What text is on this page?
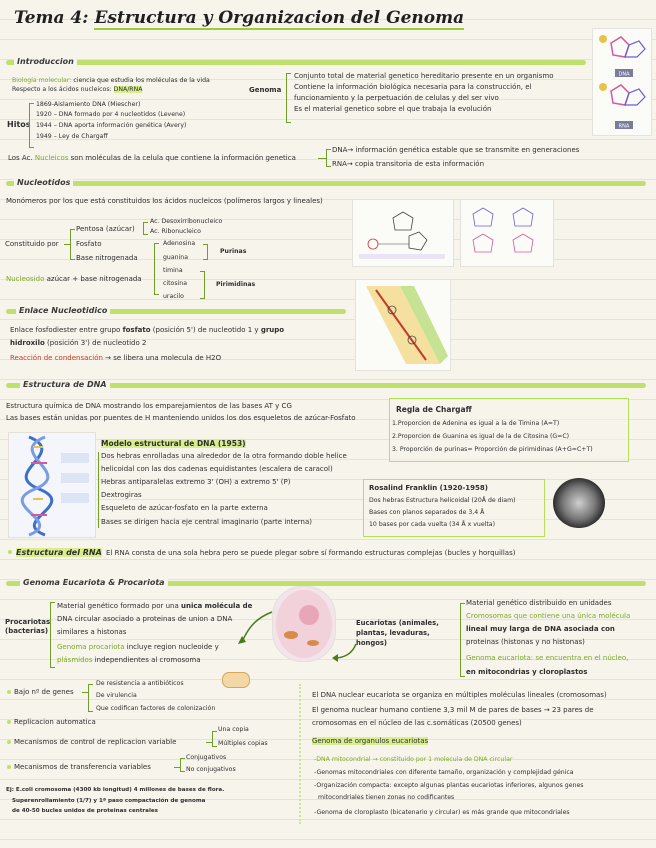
Tema 4: Estructura y Organizacion del Genoma
Introduccion
Biología molecular: ciencia que estudia los moléculas de la vida
Respecto a los ácidos nucleicos: DNA/RNA
Hitos
1869-Aislamiento DNA (Miescher)
1920 – DNA formado por 4 nucleotidos (Levene)
1944 – DNA aporta información genética (Avery)
1949 – Ley de Chargaff
Genoma
Conjunto total de material genetico hereditario presente en un organismo
Contiene la información biológica necesaria para la construcción, el
funcionamiento y la perpetuación de celulas y del ser vivo
Es el material genetico sobre el que trabaja la evolución
DNA
RNA
Los Ac. Nucleicos son moléculas de la celula que contiene la información genetica
DNA→ información genética estable que se transmite en generaciones
RNA→ copia transitoria de esta información
Nucleotidos
Monómeros por los que está constituidos los ácidos nucleicos (polímeros largos y lineales)
Constituido por
Pentosa (azúcar)
Fosfato
Base nitrogenada
Ac. Desoxirribonucleico
Ac. Ribonucleico
Adenosina
guanina
Purinas
timina
citosina
uracilo
Pirimidinas
Nucleosido azúcar + base nitrogenada
Enlace Nucleotidico
Enlace fosfodiester entre grupo fosfato (posición 5') de nucleotido 1 y grupo
hidroxilo (posición 3') de nucleotido 2
Reacción de condensación → se libera una molecula de H2O
Estructura de DNA
Estructura química de DNA mostrando los emparejamientos de las bases AT y CG
Las bases están unidas por puentes de H manteniendo unidos los dos esqueletos de azúcar-Fosfato
Regla de Chargaff
1.Proporcion de Adenina es igual a la de Timina (A=T)
2.Proporcion de Guanina es igual de la de Citosina (G=C)
3. Proporción de purinas= Proporción de pirimidinas (A+G=C+T)
Modelo estructural de DNA (1953)
Dos hebras enrolladas una alrededor de la otra formando doble helice
helicoidal con las dos cadenas equidistantes (escalera de caracol)
Hebras antiparalelas extremo 3' (OH) a extremo 5' (P)
Dextrogiras
Esqueleto de azúcar-fosfato en la parte externa
Bases se dirigen hacia eje central imaginario (parte interna)
Rosalind Franklin (1920-1958)
Dos hebras Estructura helicoidal (20Å de diam)
Bases con planos separados de 3,4 Å
10 bases por cada vuelta (34 Å x vuelta)
Estructura del RNA El RNA consta de una sola hebra pero se puede plegar sobre sí formando estructuras complejas (bucles y horquillas)
Genoma Eucariota & Procariota
Procariotas (bacterias)
Material genético formado por una unica molécula de
DNA circular asociado a proteinas de union a DNA
similares a histonas
Genoma procariota incluye region nucleoide y
plásmidos independientes al cromosoma
Eucariotas (animales, plantas, levaduras, hongos)
Material genético distribuido en unidades
Cromosomas que contiene una única molécula
lineal muy larga de DNA asociada con
proteinas (histonas y no histonas)
Genoma eucariota: se encuentra en el núcleo,
en mitocondrias y cloroplastos
Bajo nº de genes
De resistencia a antibióticos
De virulencia
Que codifican factores de colonización
Replicacion automatica
Mecanismos de control de replicacion variable
Una copia
Múltiples copias
Mecanismos de transferencia variables
Conjugativos
No conjugativos
Ej: E.coli cromosoma (4300 kb longitud) 4 millones de bases de flora.
Superenrollamiento (1/7) y 1ª paso compactación de genoma
de 40-50 bucles unidos de proteinas centrales
El DNA nuclear eucariota se organiza en múltiples moléculas lineales (cromosomas)
El genoma nuclear humano contiene 3,3 mil M de pares de bases → 23 pares de
cromosomas en el núcleo de las c.somáticas (20500 genes)
Genoma de organulos eucariotas
-DNA mitocondrial → constituido por 1 molecula de DNA circular
-Genomas mitocondriales con diferente tamaño, organización y complejidad génica
-Organización compacta: excepto algunas plantas eucariotas inferiores, algunos genes
mitocondriales tienen zonas no codificantes
-Genoma de cloroplasto (bicatenario y circular) es más grande que mitocondriales
